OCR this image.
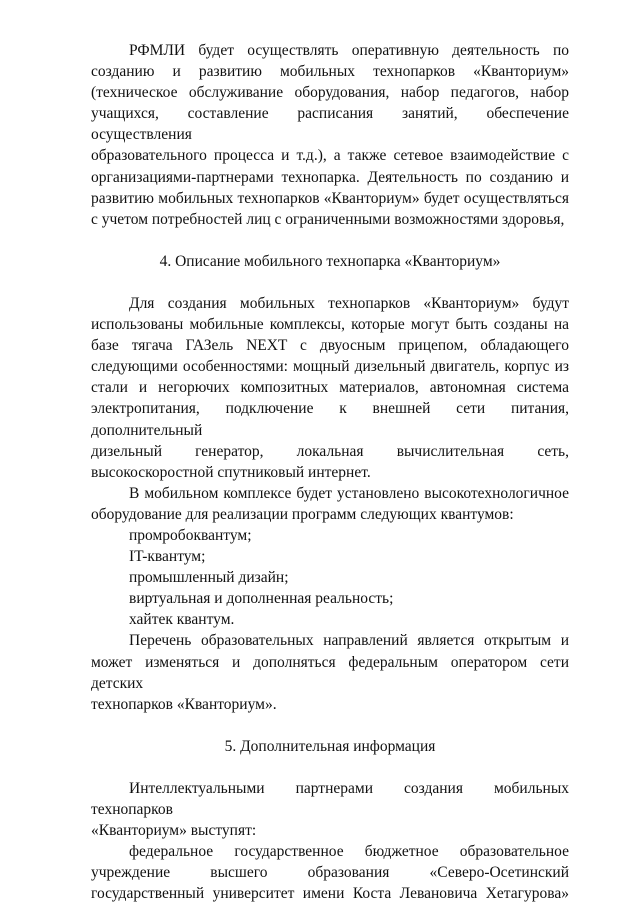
РФМЛИ будет осуществлять оперативную деятельность по

созданию и развитию мобильных технопарков «Кванториум»

(техническое обслуживание оборудования, набор педагогов, набор

учащихся, составление расписания занятий, обеспечение осуществления

образовательного процесса и т.д.), а также сетевое взаимодействие с

организациями-партнерами технопарка. Деятельность по созданию и

развитию мобильных технопарков «Кванториум» будет осуществляться

с учетом потребностей лиц с ограниченными возможностями здоровья,

4. Описание мобильного технопарка «Кванториум»

Для создания мобильных технопарков «Кванториум» будут

использованы мобильные комплексы, которые могут быть созданы на

базе тягача ГАЗель NEXT с двуосным прицепом, обладающего

следующими особенностями: мощный дизельный двигатель, корпус из

стали и негорючих композитных материалов, автономная система

электропитания, подключение к внешней сети питания, дополнительный

дизельный генератор, локальная вычислительная сеть,

высокоскоростной спутниковый интернет.

В мобильном комплексе будет установлено высокотехнологичное

оборудование для реализации программ следующих квантумов:

промробоквантум;

IT-квантум;

промышленный дизайн;

виртуальная и дополненная реальность;

хайтек квантум.

Перечень образовательных направлений является открытым и

может изменяться и дополняться федеральным оператором сети детских

технопарков «Кванториум».

5. Дополнительная информация

Интеллектуальными партнерами создания мобильных технопарков

«Кванториум» выступят:

федеральное государственное бюджетное образовательное

учреждение высшего образования «Северо-Осетинский

государственный университет имени Коста Левановича Хетагурова»
